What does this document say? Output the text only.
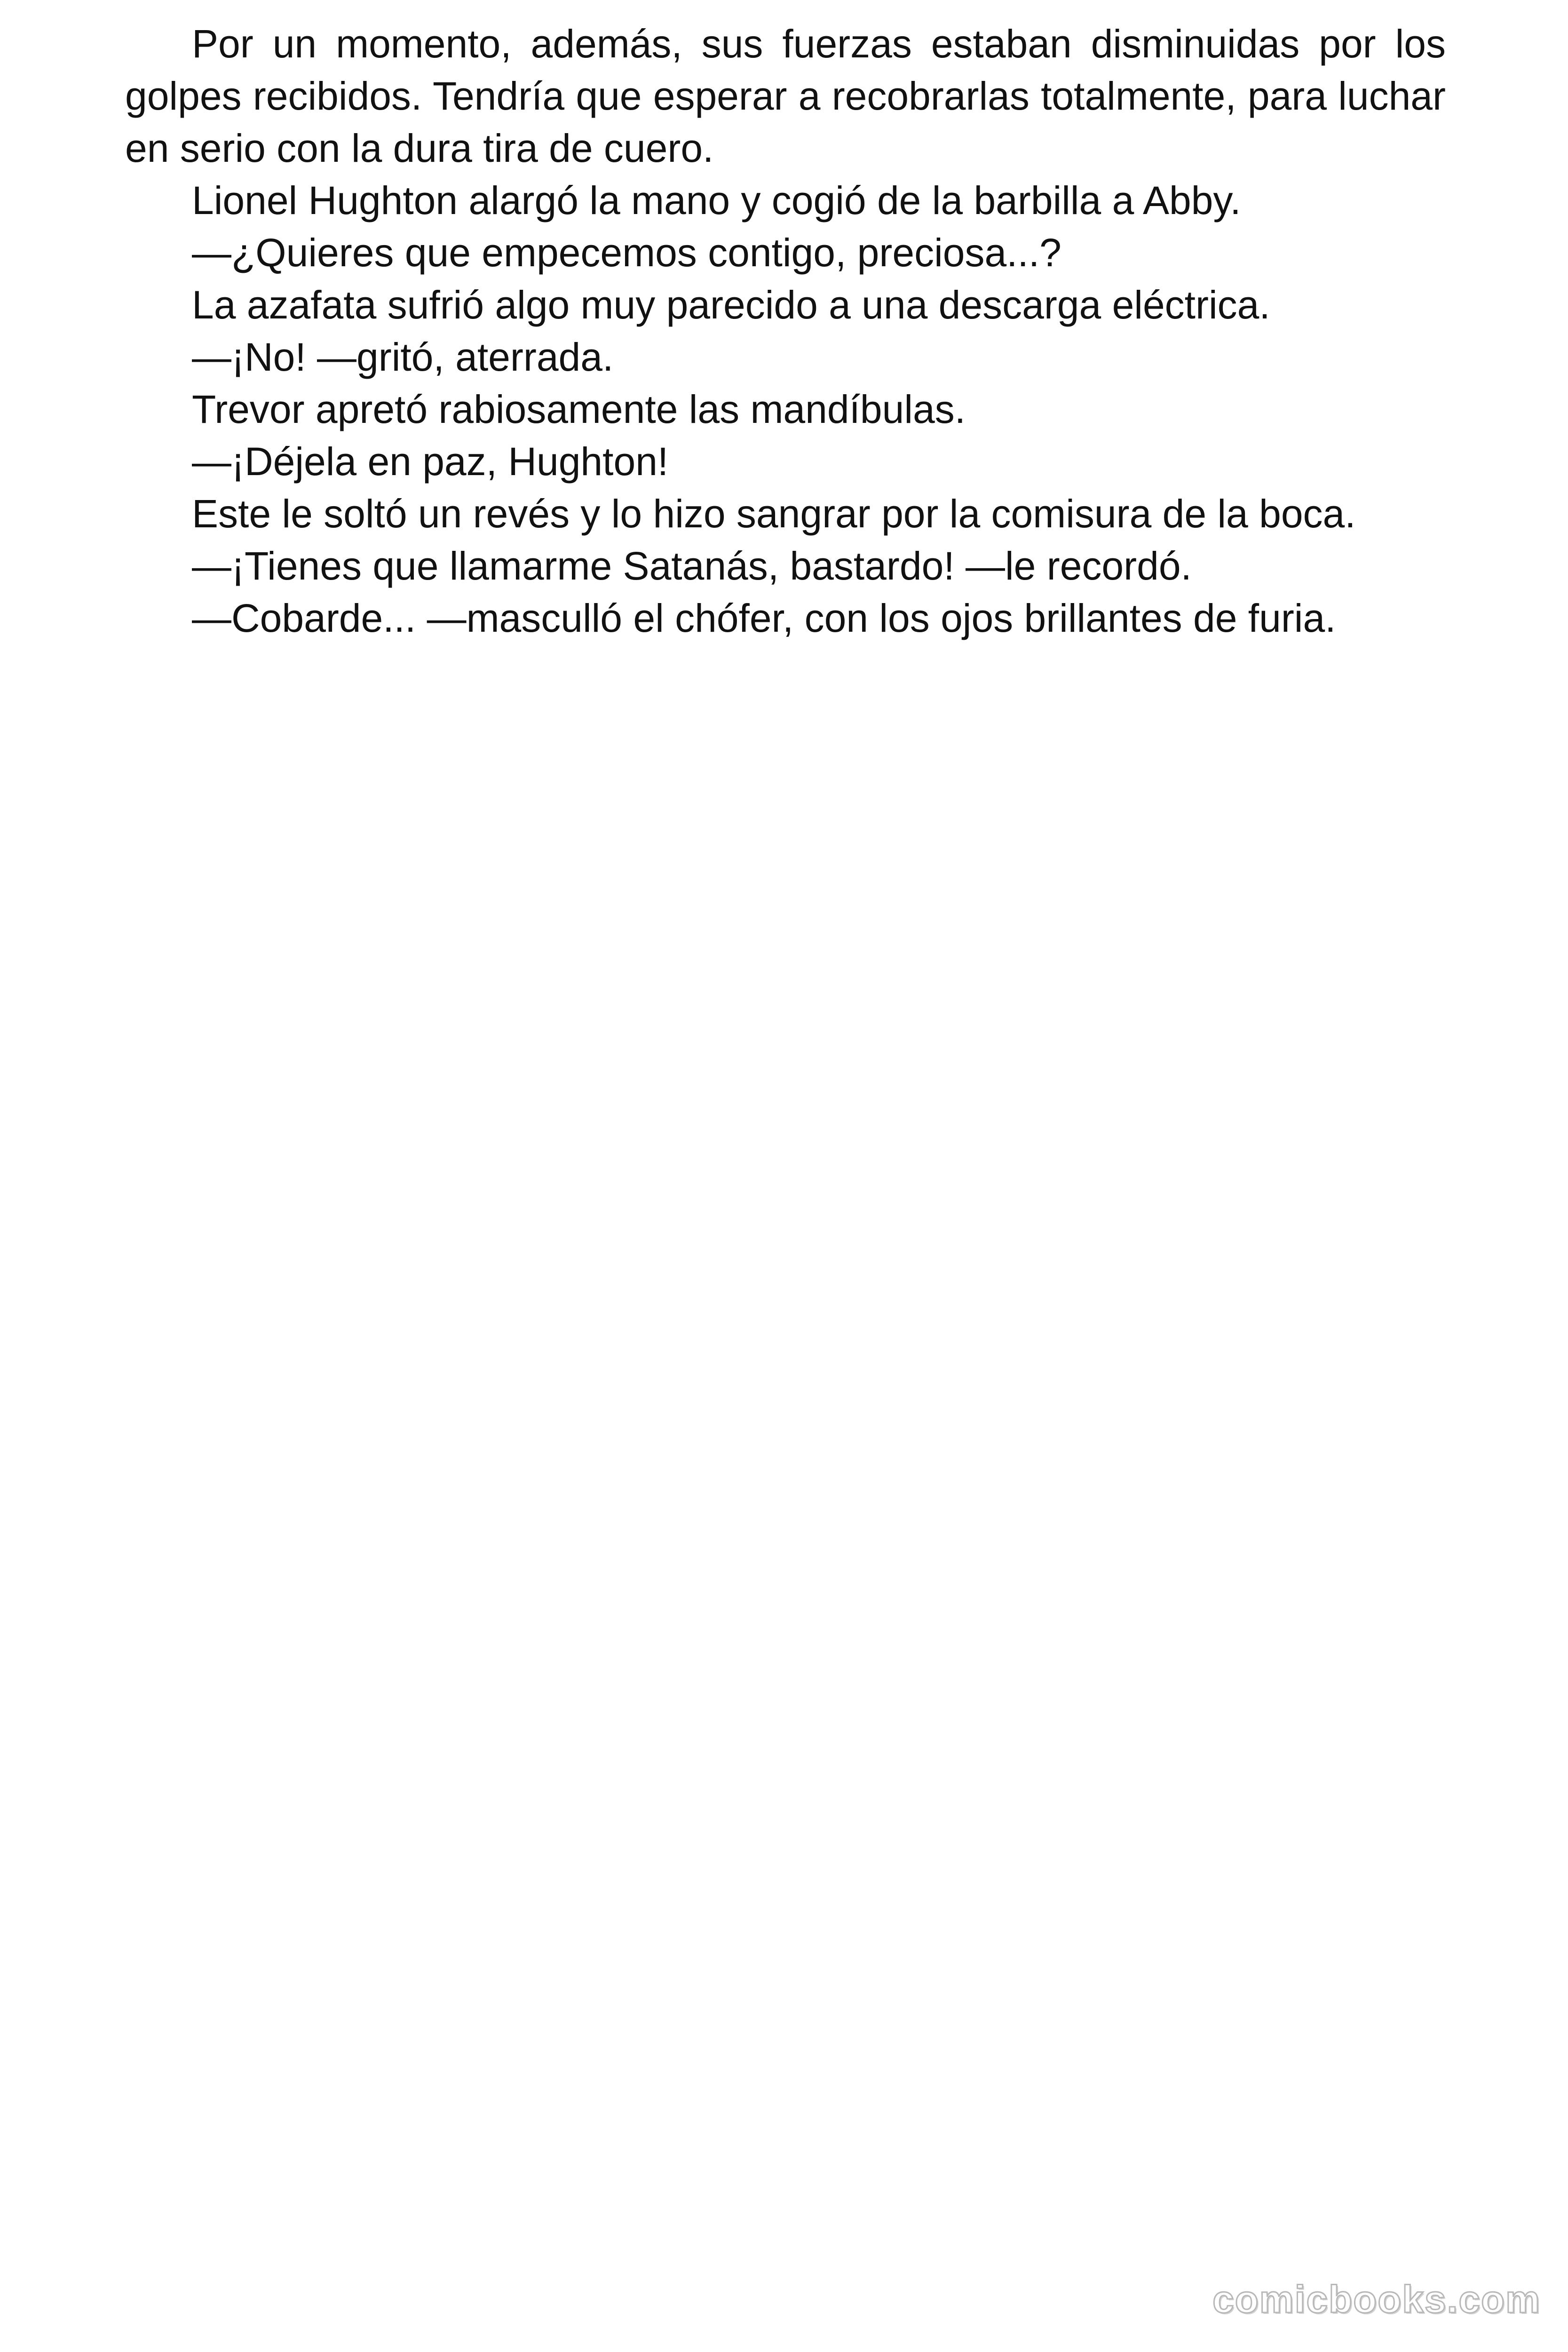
Por un momento, además, sus fuerzas estaban disminuidas por los golpes recibidos. Tendría que esperar a recobrarlas totalmente, para luchar en serio con la dura tira de cuero.

Lionel Hughton alargó la mano y cogió de la barbilla a Abby.

—¿Quieres que empecemos contigo, preciosa...?

La azafata sufrió algo muy parecido a una descarga eléctrica.

—¡No! —gritó, aterrada.

Trevor apretó rabiosamente las mandíbulas.

—¡Déjela en paz, Hughton!

Este le soltó un revés y lo hizo sangrar por la comisura de la boca.

—¡Tienes que llamarme Satanás, bastardo! —le recordó.

—Cobarde... —masculló el chófer, con los ojos brillantes de furia.

comicbooks.com
